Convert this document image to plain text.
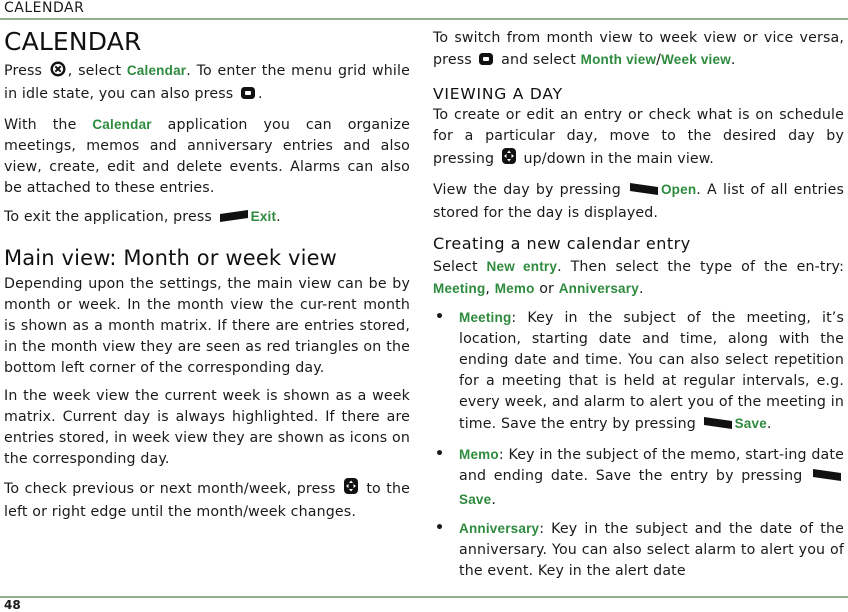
CALENDAR
CALENDAR

Press , select Calendar. To enter the menu grid while in idle state, you can also press .

With the Calendar application you can organize meetings, memos and anniversary entries and also view, create, edit and delete events. Alarms can also be attached to these entries.

To exit the application, press	Exit.

Main view: Month or week view

Depending upon the settings, the main view can be by month or week. In the month view the cur-rent month is shown as a month matrix. If there are entries stored, in the month view they are seen as red triangles on the bottom left corner of the corresponding day.

In the week view the current week is shown as a week matrix. Current day is always highlighted. If there are entries stored, in week view they are shown as icons on the corresponding day.

To check previous or next month/week, press  to the left or right edge until the month/week changes.

To switch from month view to week view or vice versa, press  and select Month view/Week view.

VIEWING A DAY

To create or edit an entry or check what is on schedule for a particular day, move to the desired day by pressing  up/down in the main view.

View the day by pressing	Open. A list of all entries stored for the day is displayed.

Creating a new calendar entry

Select New entry. Then select the type of the en-try: Meeting, Memo or Anniversary.

• Meeting: Key in the subject of the meeting, it’s location, starting date and time, along with the ending date and time. You can also select repetition for a meeting that is held at regular intervals, e.g. every week, and alarm to alert you of the meeting in time. Save the entry by pressing	Save.
• Memo: Key in the subject of the memo, start-ing date and ending date. Save the entry by pressing Save.
• Anniversary: Key in the subject and the date of the anniversary. You can also select alarm to alert you of the event. Key in the alert date
48
